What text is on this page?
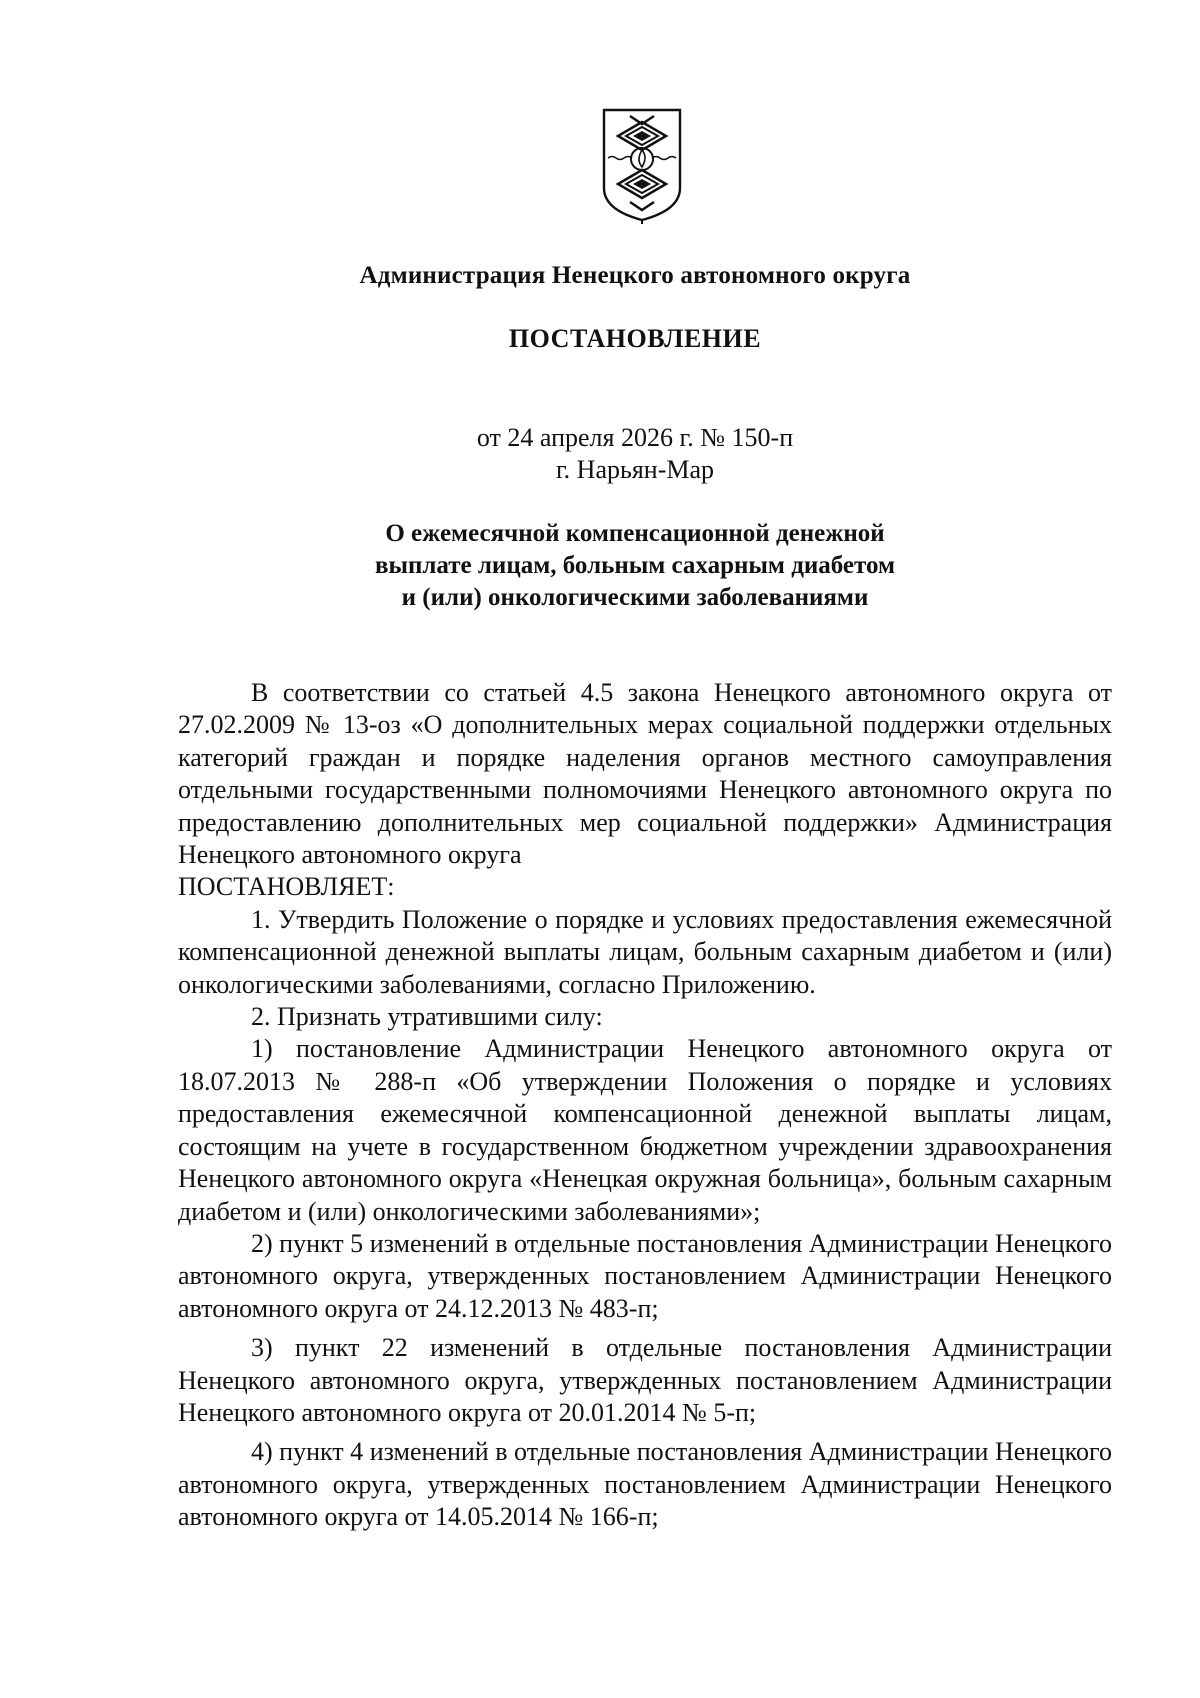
Администрация Ненецкого автономного округа
ПОСТАНОВЛЕНИЕ
от 24 апреля 2026 г. № 150-п
г. Нарьян-Мар
О ежемесячной компенсационной денежной
выплате лицам, больным сахарным диабетом
и (или) онкологическими заболеваниями

В соответствии со статьей 4.5 закона Ненецкого автономного округа от 27.02.2009 № 13-оз «О дополнительных мерах социальной поддержки отдельных категорий граждан и порядке наделения органов местного самоуправления отдельными государственными полномочиями Ненецкого автономного округа по предоставлению дополнительных мер социальной поддержки» Администрация Ненецкого автономного округа

ПОСТАНОВЛЯЕТ:

1. Утвердить Положение о порядке и условиях предоставления ежемесячной компенсационной денежной выплаты лицам, больным сахарным диабетом и (или) онкологическими заболеваниями, согласно Приложению.

2. Признать утратившими силу:

1) постановление Администрации Ненецкого автономного округа от 18.07.2013 № 288-п «Об утверждении Положения о порядке и условиях предоставления ежемесячной компенсационной денежной выплаты лицам, состоящим на учете в государственном бюджетном учреждении здравоохранения Ненецкого автономного округа «Ненецкая окружная больница», больным сахарным диабетом и (или) онкологическими заболеваниями»;

2) пункт 5 изменений в отдельные постановления Администрации Ненецкого автономного округа, утвержденных постановлением Администрации Ненецкого автономного округа от 24.12.2013 № 483-п;

3) пункт 22 изменений в отдельные постановления Администрации Ненецкого автономного округа, утвержденных постановлением Администрации Ненецкого автономного округа от 20.01.2014 № 5-п;

4) пункт 4 изменений в отдельные постановления Администрации Ненецкого автономного округа, утвержденных постановлением Администрации Ненецкого автономного округа от 14.05.2014 № 166-п;
